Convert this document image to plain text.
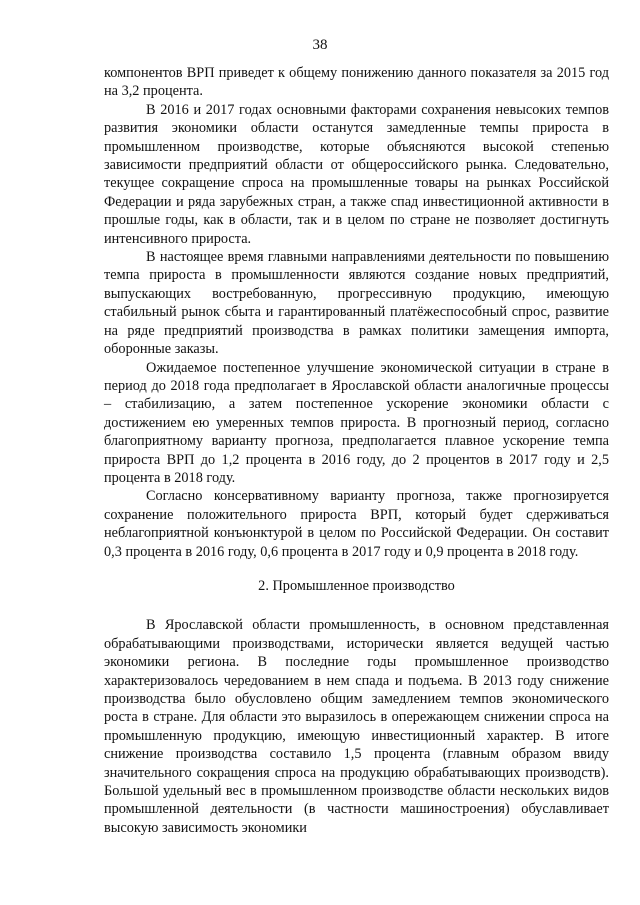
38

компонентов ВРП приведет к общему понижению данного показателя за 2015 год на 3,2 процента.

В 2016 и 2017 годах основными факторами сохранения невысоких темпов развития экономики области останутся замедленные темпы прироста в промышленном производстве, которые объясняются высокой степенью зависимости предприятий области от общероссийского рынка. Следовательно, текущее сокращение спроса на промышленные товары на рынках Российской Федерации и ряда зарубежных стран, а также спад инвестиционной активности в прошлые годы, как в области, так и в целом по стране не позволяет достигнуть интенсивного прироста.

В настоящее время главными направлениями деятельности по повышению темпа прироста в промышленности являются создание новых предприятий, выпускающих востребованную, прогрессивную продукцию, имеющую стабильный рынок сбыта и гарантированный платёжеспособный спрос, развитие на ряде предприятий производства в рамках политики замещения импорта, оборонные заказы.

Ожидаемое постепенное улучшение экономической ситуации в стране в период до 2018 года предполагает в Ярославской области аналогичные процессы – стабилизацию, а затем постепенное ускорение экономики области с достижением ею умеренных темпов прироста. В прогнозный период, согласно благоприятному варианту прогноза, предполагается плавное ускорение темпа прироста ВРП до 1,2 процента в 2016 году, до 2 процентов в 2017 году и 2,5 процента в 2018 году.

Согласно консервативному варианту прогноза, также прогнозируется сохранение положительного прироста ВРП, который будет сдерживаться неблагоприятной конъюнктурой в целом по Российской Федерации. Он составит 0,3 процента в 2016 году, 0,6 процента в 2017 году и 0,9 процента в 2018 году.

2. Промышленное производство

В Ярославской области промышленность, в основном представленная обрабатывающими производствами, исторически является ведущей частью экономики региона. В последние годы промышленное производство характеризовалось чередованием в нем спада и подъема. В 2013 году снижение производства было обусловлено общим замедлением темпов экономического роста в стране. Для области это выразилось в опережающем снижении спроса на промышленную продукцию, имеющую инвестиционный характер. В итоге снижение производства составило 1,5 процента (главным образом ввиду значительного сокращения спроса на продукцию обрабатывающих производств). Большой удельный вес в промышленном производстве области нескольких видов промышленной деятельности (в частности машиностроения) обуславливает высокую зависимость экономики
